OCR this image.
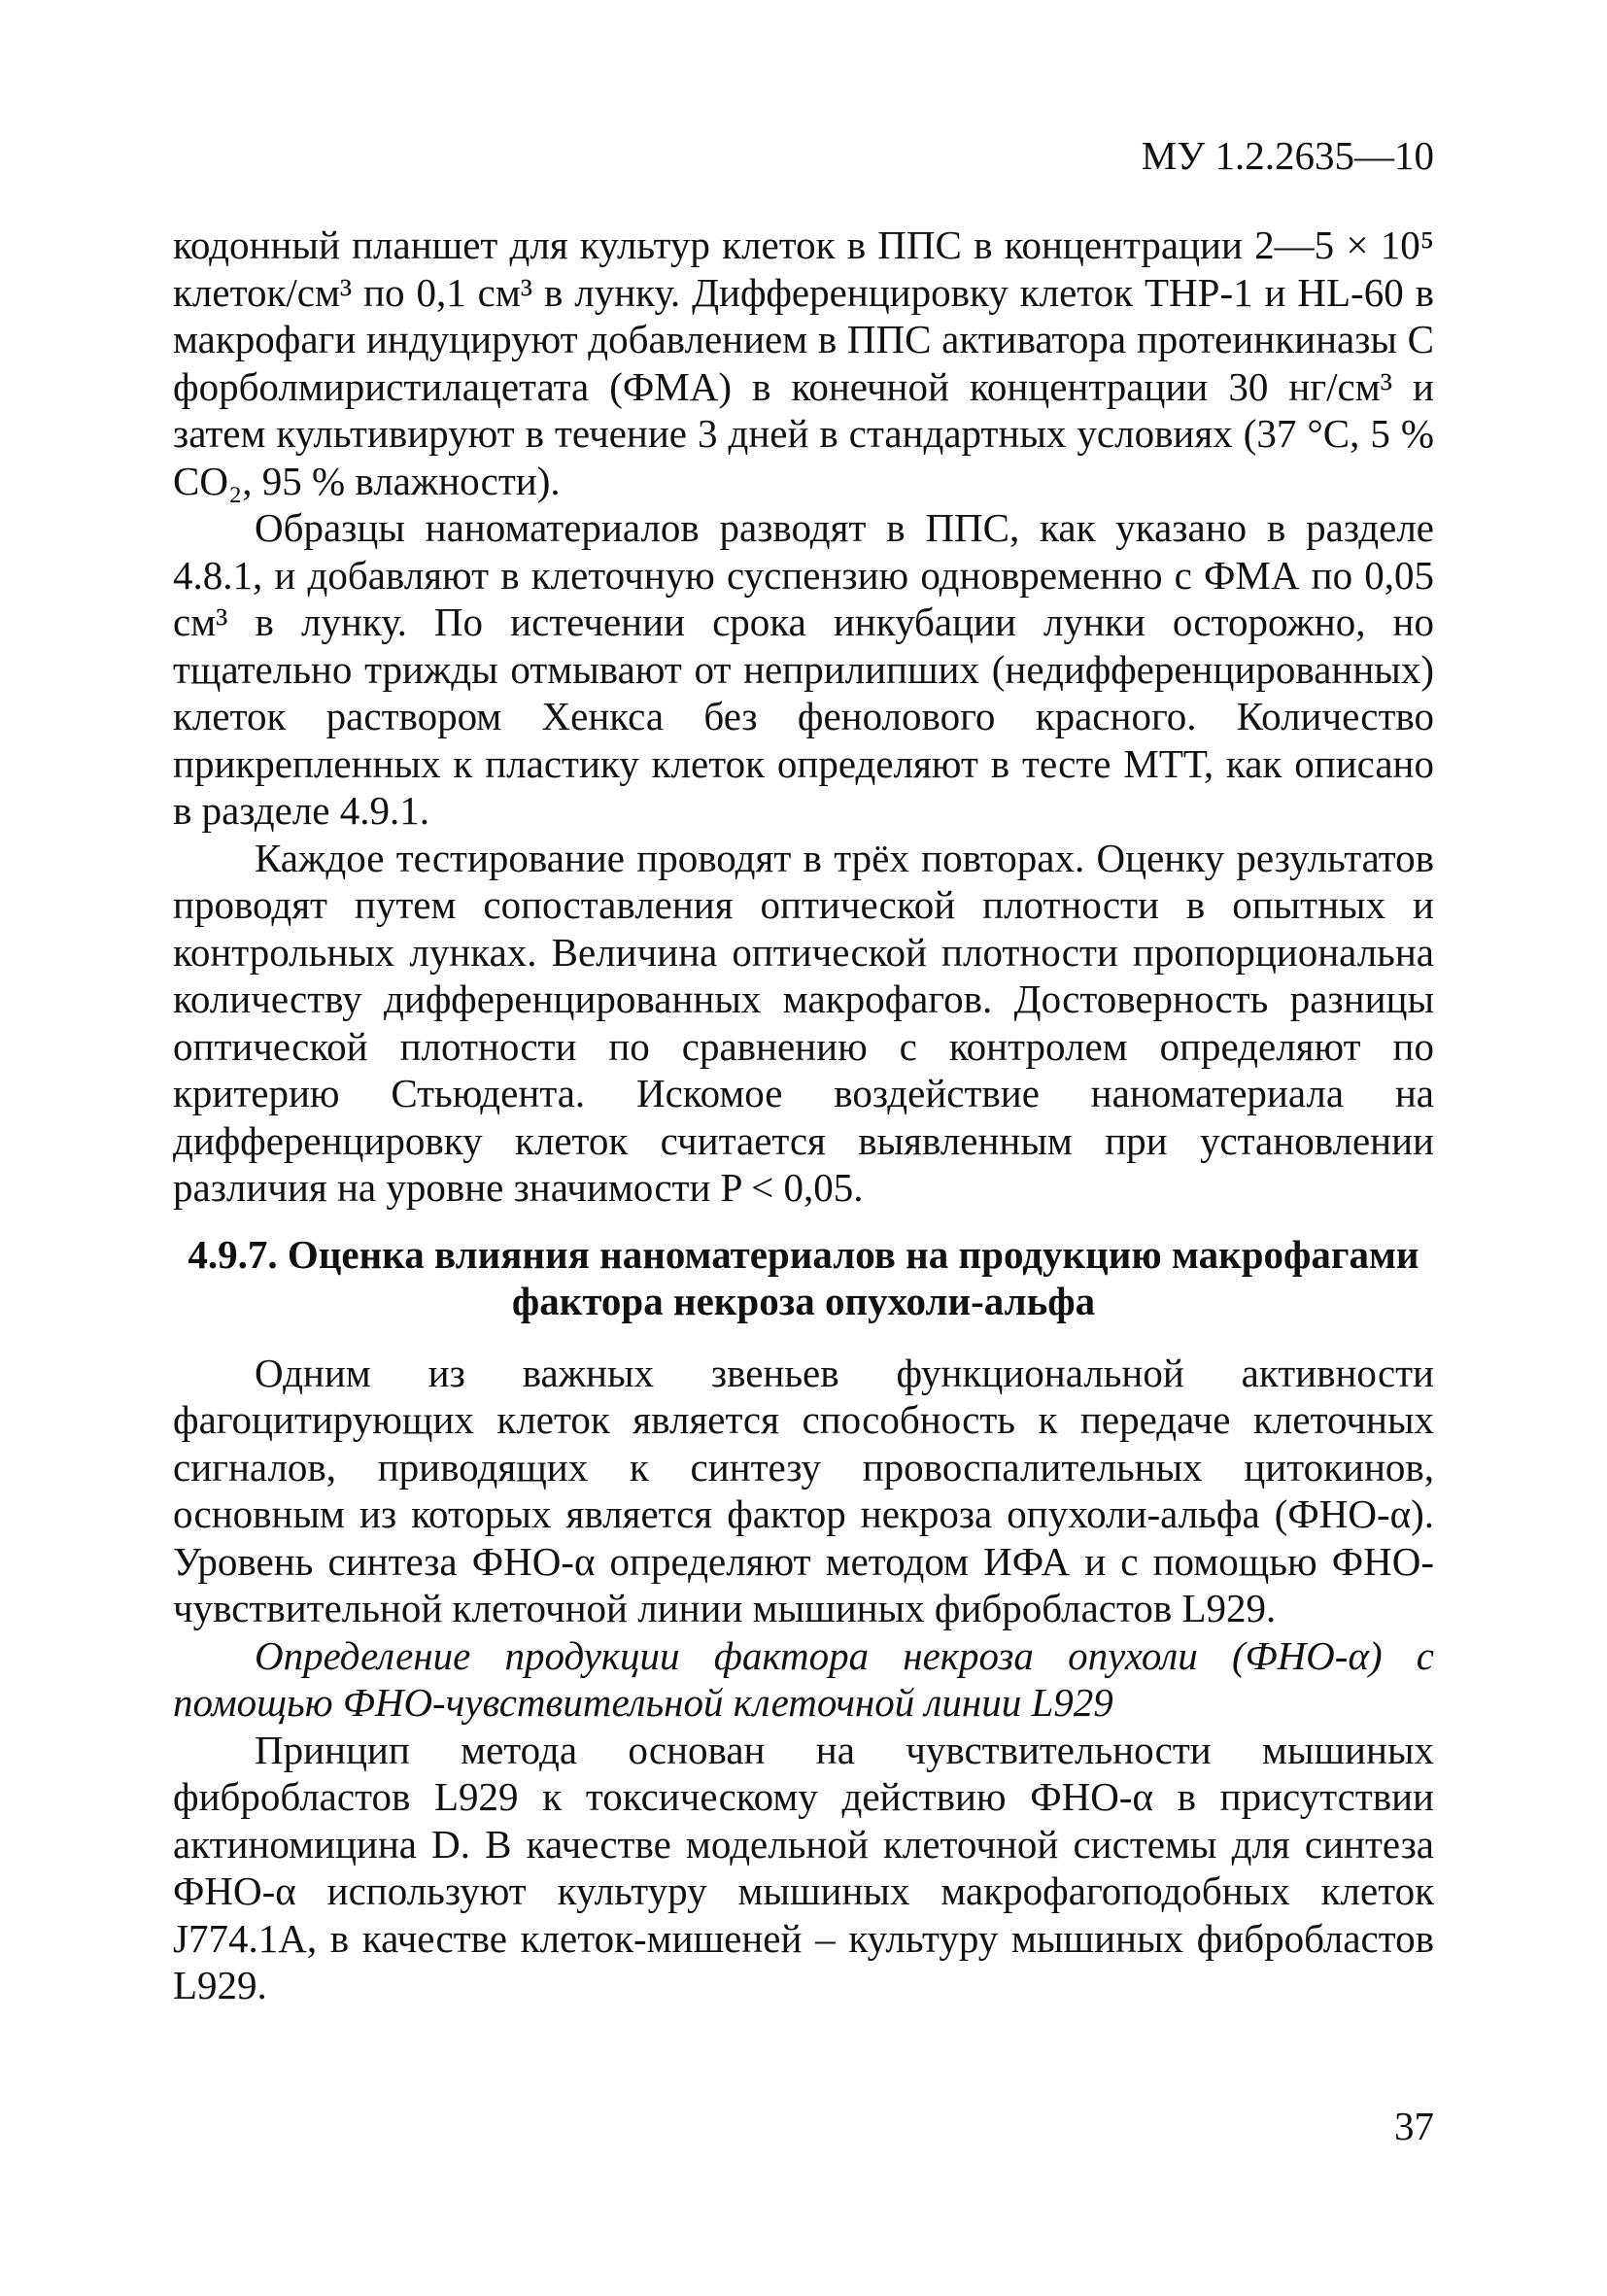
МУ 1.2.2635—10

кодонный планшет для культур клеток в ППС в концентрации 2—5 × 10⁵ клеток/см³ по 0,1 см³ в лунку. Дифференцировку клеток THP-1 и HL-60 в макрофаги индуцируют добавлением в ППС активатора протеинкиназы С форболмиристилацетата (ФМА) в конечной концентрации 30 нг/см³ и затем культивируют в течение 3 дней в стандартных условиях (37 °С, 5 % CO₂, 95 % влажности).

Образцы наноматериалов разводят в ППС, как указано в разделе 4.8.1, и добавляют в клеточную суспензию одновременно с ФМА по 0,05 см³ в лунку. По истечении срока инкубации лунки осторожно, но тщательно трижды отмывают от неприлипших (недифференцированных) клеток раствором Хенкса без фенолового красного. Количество прикрепленных к пластику клеток определяют в тесте МТТ, как описано в разделе 4.9.1.

Каждое тестирование проводят в трёх повторах. Оценку результатов проводят путем сопоставления оптической плотности в опытных и контрольных лунках. Величина оптической плотности пропорциональна количеству дифференцированных макрофагов. Достоверность разницы оптической плотности по сравнению с контролем определяют по критерию Стьюдента. Искомое воздействие наноматериала на дифференцировку клеток считается выявленным при установлении различия на уровне значимости P < 0,05.

4.9.7. Оценка влияния наноматериалов на продукцию макрофагами
фактора некроза опухоли-альфа

Одним из важных звеньев функциональной активности фагоцитирующих клеток является способность к передаче клеточных сигналов, приводящих к синтезу провоспалительных цитокинов, основным из которых является фактор некроза опухоли-альфа (ФНО-α). Уровень синтеза ФНО-α определяют методом ИФА и с помощью ФНО-чувствительной клеточной линии мышиных фибробластов L929.

Определение продукции фактора некроза опухоли (ФНО-α) с помощью ФНО-чувствительной клеточной линии L929

Принцип метода основан на чувствительности мышиных фибробластов L929 к токсическому действию ФНО-α в присутствии актиномицина D. В качестве модельной клеточной системы для синтеза ФНО-α используют культуру мышиных макрофагоподобных клеток J774.1A, в качестве клеток-мишеней – культуру мышиных фибробластов L929.

37
